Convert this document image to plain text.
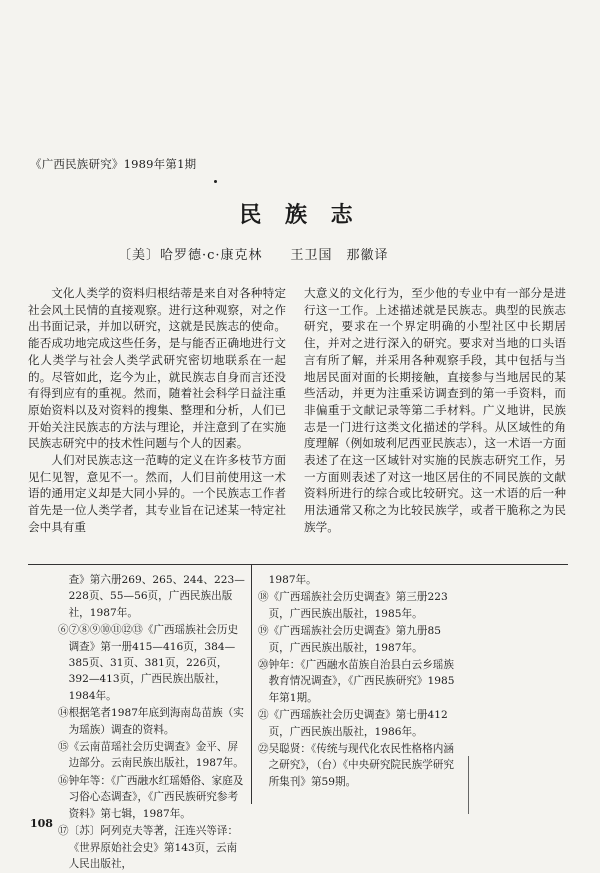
《广西民族研究》1989年第1期
民 族 志
〔美〕哈罗德·c·康克林 王卫国　那徽译

文化人类学的资料归根结蒂是来自对各种特定社会风土民情的直接观察。进行这种观察，对之作出书面记录，并加以研究，这就是民族志的使命。能否成功地完成这些任务，是与能否正确地进行文化人类学与社会人类学武研究密切地联系在一起的。尽管如此，迄今为止，就民族志自身而言还没有得到应有的重视。然而，随着社会科学日益注重原始资料以及对资料的搜集、整理和分析，人们已开始关注民族志的方法与理论，并注意到了在实施民族志研究中的技术性问题与个人的因素。

人们对民族志这一范畴的定义在许多枝节方面见仁见智，意见不一。然而，人们目前使用这一术语的通用定义却是大同小异的。一个民族志工作者首先是一位人类学者，其专业旨在记述某一特定社会中具有重

大意义的文化行为，至少他的专业中有一部分是进行这一工作。上述描述就是民族志。典型的民族志研究，要求在一个界定明确的小型社区中长期居住，并对之进行深入的研究。要求对当地的口头语言有所了解，并采用各种观察手段，其中包括与当地居民面对面的长期接触，直接参与当地居民的某些活动，并更为注重采访调查到的第一手资料，而非偏重于文献记录等第二手材料。广义地讲，民族志是一门进行这类文化描述的学科。从区域性的角度理解（例如玻利尼西亚民族志），这一术语一方面表述了在这一区域针对实施的民族志研究工作，另一方面则表述了对这一地区居住的不同民族的文献资料所进行的综合或比较研究。这一术语的后一种用法通常又称之为比较民族学，或者干脆称之为民族学。

查》第六册269、265、244、223—228页、55—56页，广西民族出版社，1987年。

⑥⑦⑧⑨⑩⑪⑫⑬《广西瑶族社会历史调查》第一册415—416页，384—385页、31页、381页，226页，392—413页，广西民族出版社，1984年。

⑭根据笔者1987年底到海南岛苗族（实为瑶族）调查的资料。

⑮《云南苗瑶社会历史调查》金平、屏边部分。云南民族出版社，1987年。

⑯钟年等：《广西融水红瑶婚俗、家庭及习俗心态调查》，《广西民族研究参考资料》第七辑，1987年。

⑰〔苏〕阿列克夫等著，汪连兴等译：《世界原始社会史》第143页，云南人民出版社，

1987年。

⑱《广西瑶族社会历史调查》第三册223页，广西民族出版社，1985年。

⑲《广西瑶族社会历史调查》第九册85页，广西民族出版社，1987年。

⑳钟年：《广西融水苗族自治县白云乡瑶族教育情况调查》，《广西民族研究》1985年第1期。

㉑《广西瑶族社会历史调查》第七册412页，广西民族出版社，1986年。

㉒吴聪贤：《传统与现代化农民性格格内涵之研究》，（台）《中央研究院民族学研究所集刊》第59期。

108
